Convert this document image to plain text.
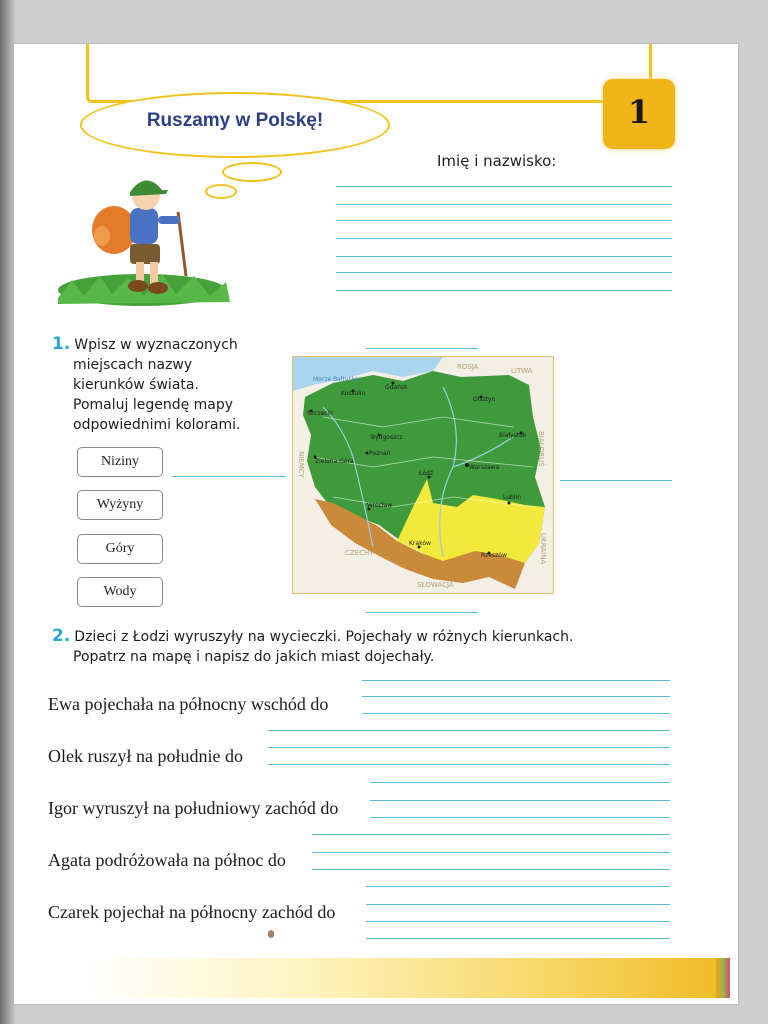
1
Ruszamy w Polskę!
Imię i nazwisko:
1. Wpisz w wyznaczonych
miejscach nazwy
kierunków świata.
Pomaluj legendę mapy
odpowiednimi kolorami.
Niziny
Wyżyny
Góry
Wody
Morze Bałtyckie
ROSJA	LITWA
BIAŁORUŚ
UKRAINA
SŁOWACJA
CZECHY
NIEMCY
Gdańsk
Koszalin
Szczecin
Olsztyn
Bydgoszcz	Białystok
Zielona Góra
Poznań
Warszawa
Łódź
Wrocław
Lublin
Kraków
Rzeszów
2. Dzieci z Łodzi wyruszyły na wycieczki. Pojechały w różnych kierunkach.
Popatrz na mapę i napisz do jakich miast dojechały.
Ewa pojechała na północny wschód do
Olek ruszył na południe do
Igor wyruszył na południowy zachód do
Agata podróżowała na północ do
Czarek pojechał na północny zachód do
